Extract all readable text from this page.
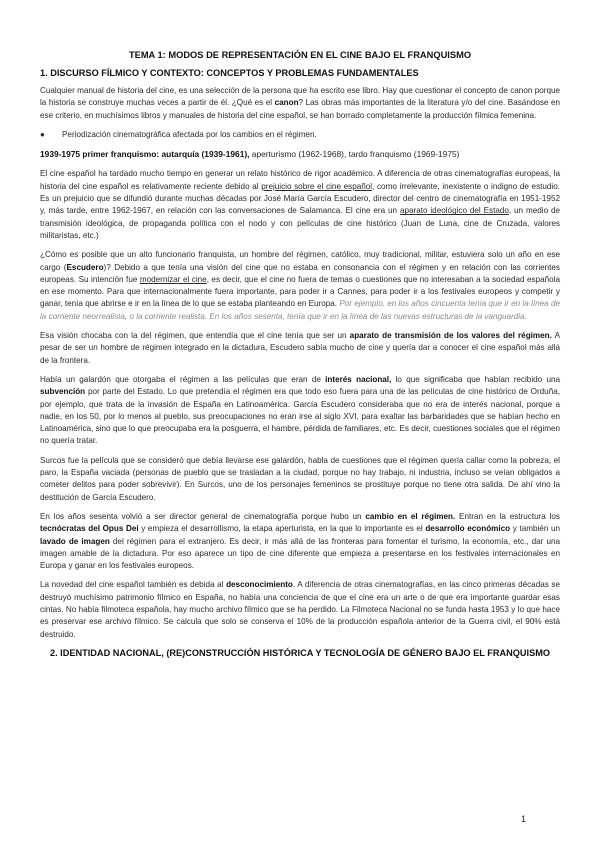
TEMA 1: MODOS DE REPRESENTACIÓN EN EL CINE BAJO EL FRANQUISMO
1. DISCURSO FÍLMICO Y CONTEXTO: CONCEPTOS Y PROBLEMAS FUNDAMENTALES

Cualquier manual de historia del cine, es una selección de la persona que ha escrito ese libro. Hay que cuestionar el concepto de canon porque la historia se construye muchas veces a partir de él. ¿Qué es el canon? Las obras más importantes de la literatura y/o del cine. Basándose en ese criterio, en muchísimos libros y manuales de historia del cine español, se han borrado completamente la producción fílmica femenina.

●	Periodización cinematográfica afectada por los cambios en el régimen.
1939-1975 primer franquismo: autarquía (1939-1961), aperturismo (1962-1968), tardo franquismo (1969-1975)

El cine español ha tardado mucho tiempo en generar un relato histórico de rigor académico. A diferencia de otras cinematografías europeas, la historia del cine español es relativamente reciente debido al prejuicio sobre el cine español, como irrelevante, inexistente o indigno de estudio. Es un prejuicio que se difundió durante muchas décadas por José María García Escudero, director del centro de cinematografía en 1951-1952 y, más tarde, entre 1962-1967, en relación con las conversaciones de Salamanca. El cine era un aparato ideológico del Estado, un medio de transmisión ideológica, de propaganda política con el nodo y con películas de cine histórico (Juan de Luna, cine de Cruzada, valores militaristas, etc.)

¿Cómo es posible que un alto funcionario franquista, un hombre del régimen, católico, muy tradicional, militar, estuviera solo un año en ese cargo (Escudero)? Debido a que tenía una visión del cine que no estaba en consonancia con el régimen y en relación con las corrientes europeas. Su intención fue modernizar el cine, es decir, que el cine no fuera de temas o cuestiones que no interesaban a la sociedad española en ese momento. Para que internacionalmente fuera importante, para poder ir a Cannes, para poder ir a los festivales europeos y competir y ganar, tenía que abrirse e ir en la línea de lo que se estaba planteando en Europa. Por ejemplo, en los años cincuenta tenía que ir en la línea de la corriente neorrealista, o la corriente realista. En los años sesenta, tenía que ir en la línea de las nuevas estructuras de la vanguardia.

Esa visión chocaba con la del régimen, que entendía que el cine tenía que ser un aparato de transmisión de los valores del régimen. A pesar de ser un hombre de régimen integrado en la dictadura, Escudero sabía mucho de cine y quería dar a conocer el cine español más allá de la frontera.

Había un galardón que otorgaba el régimen a las películas que eran de interés nacional, lo que significaba que habían recibido una subvención por parte del Estado. Lo que pretendía el régimen era que todo eso fuera para una de las películas de cine histórico de Orduña, por ejemplo, que trata de la invasión de España en Latinoamérica. García Escudero consideraba que no era de interés nacional, porque a nadie, en los 50, por lo menos al pueblo, sus preocupaciones no eran irse al siglo XVI, para exaltar las barbaridades que se habían hecho en Latinoamérica, sino que lo que preocupaba era la posguerra, el hambre, pérdida de familiares, etc. Es decir, cuestiones sociales que el régimen no quería tratar.

Surcos fue la película que se consideró que debía llevarse ese galardón, habla de cuestiones que el régimen quería callar como la pobreza, el paro, la España vaciada (personas de pueblo que se trasladan a la ciudad, porque no hay trabajo, ni industria, incluso se veían obligados a cometer delitos para poder sobrevivir). En Surcos, uno de los personajes femeninos se prostituye porque no tiene otra salida. De ahí vino la destitución de García Escudero.

En los años sesenta volvió a ser director general de cinematografía porque hubo un cambio en el régimen. Entran en la estructura los tecnócratas del Opus Dei y empieza el desarrollismo, la etapa aperturista, en la que lo importante es el desarrollo económico y también un lavado de imagen del régimen para el extranjero. Es decir, ir más allá de las fronteras para fomentar el turismo, la economía, etc., dar una imagen amable de la dictadura. Por eso aparece un tipo de cine diferente que empieza a presentarse en los festivales internacionales en Europa y ganar en los festivales europeos.

La novedad del cine español también es debida al desconocimiento. A diferencia de otras cinematografías, en las cinco primeras décadas se destruyó muchísimo patrimonio fílmico en España, no había una conciencia de que el cine era un arte o de que era importante guardar esas cintas. No había filmoteca española, hay mucho archivo fílmico que se ha perdido. La Filmoteca Nacional no se funda hasta 1953 y lo que hace es preservar ese archivo fílmico. Se calcula que solo se conserva el 10% de la producción española anterior de la Guerra civil, el 90% está destruido.

2. IDENTIDAD NACIONAL, (RE)CONSTRUCCIÓN HISTÓRICA Y TECNOLOGÍA DE GÉNERO BAJO EL FRANQUISMO
1
